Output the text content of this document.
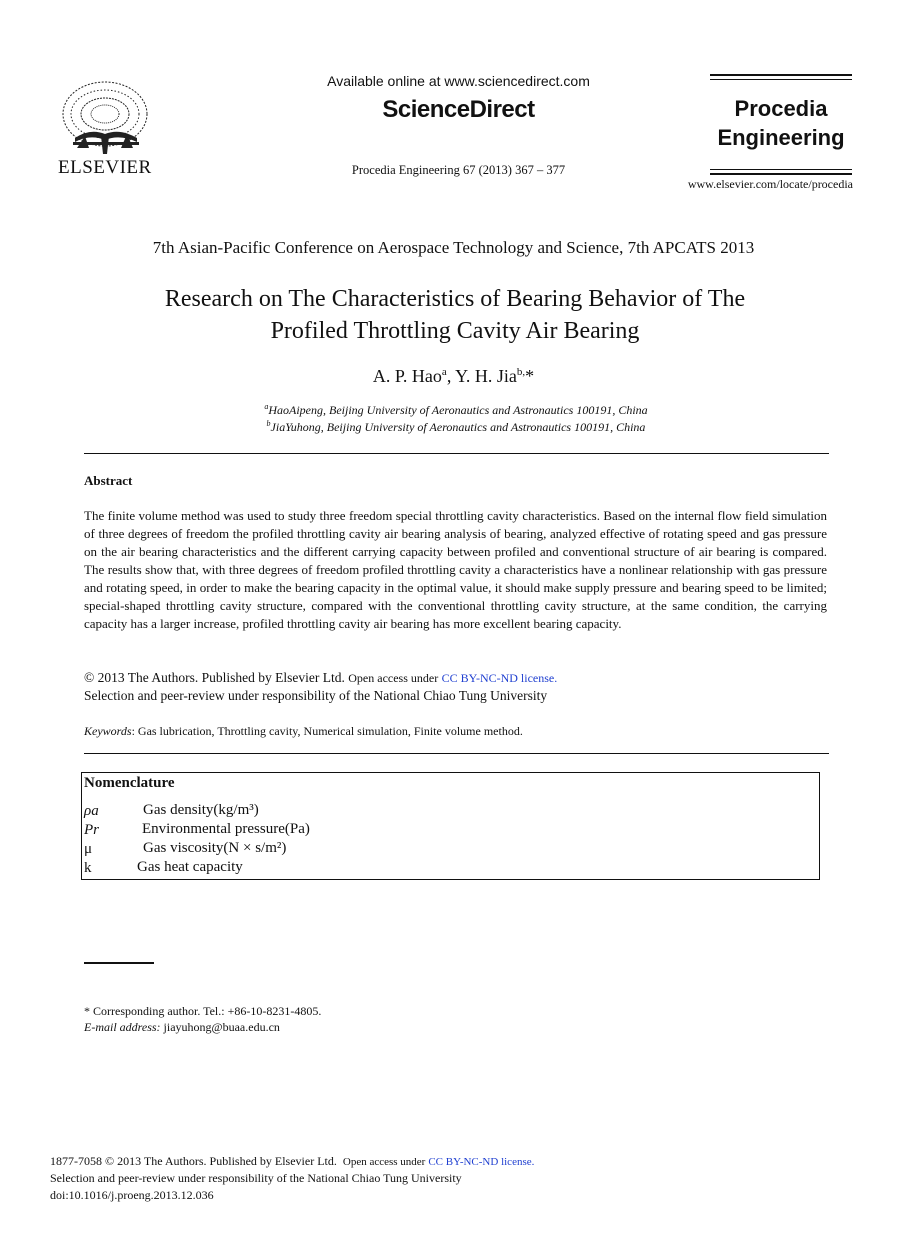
ELSEVIER
Available online at www.sciencedirect.com
ScienceDirect
Procedia Engineering 67 (2013) 367 – 377
Procedia
Engineering
www.elsevier.com/locate/procedia
7th Asian-Pacific Conference on Aerospace Technology and Science, 7th APCATS 2013
Research on The Characteristics of Bearing Behavior of The
Profiled Throttling Cavity Air Bearing
A. P. Hao$^a$, Y. H. Jia$^{b,}$*
$^a$HaoAipeng, Beijing University of Aeronautics and Astronautics 100191, China
$^b$JiaYuhong, Beijing University of Aeronautics and Astronautics 100191, China
Abstract
The finite volume method was used to study three freedom special throttling cavity characteristics. Based on the internal flow field simulation of three degrees of freedom the profiled throttling cavity air bearing analysis of bearing, analyzed effective of rotating speed and gas pressure on the air bearing characteristics and the different carrying capacity between profiled and conventional structure of air bearing is compared. The results show that, with three degrees of freedom profiled throttling cavity a characteristics have a nonlinear relationship with gas pressure and rotating speed, in order to make the bearing capacity in the optimal value, it should make supply pressure and bearing speed to be limited; special-shaped throttling cavity structure, compared with the conventional throttling cavity structure, at the same condition, the carrying capacity has a larger increase, profiled throttling cavity air bearing has more excellent bearing capacity.
© 2013 The Authors. Published by Elsevier Ltd. Open access under CC BY-NC-ND license.
Selection and peer-review under responsibility of the National Chiao Tung University
Keywords: Gas lubrication, Throttling cavity, Numerical simulation, Finite volume method.
Nomenclature
ρa	Gas density(kg/m³)
Pr	Environmental pressure(Pa)
μ	Gas viscosity(N × s/m²)
k	Gas heat capacity
* Corresponding author. Tel.: +86-10-8231-4805.
E-mail address: jiayuhong@buaa.edu.cn
1877-7058 © 2013 The Authors. Published by Elsevier Ltd. Open access under CC BY-NC-ND license.
Selection and peer-review under responsibility of the National Chiao Tung University
doi:10.1016/j.proeng.2013.12.036
